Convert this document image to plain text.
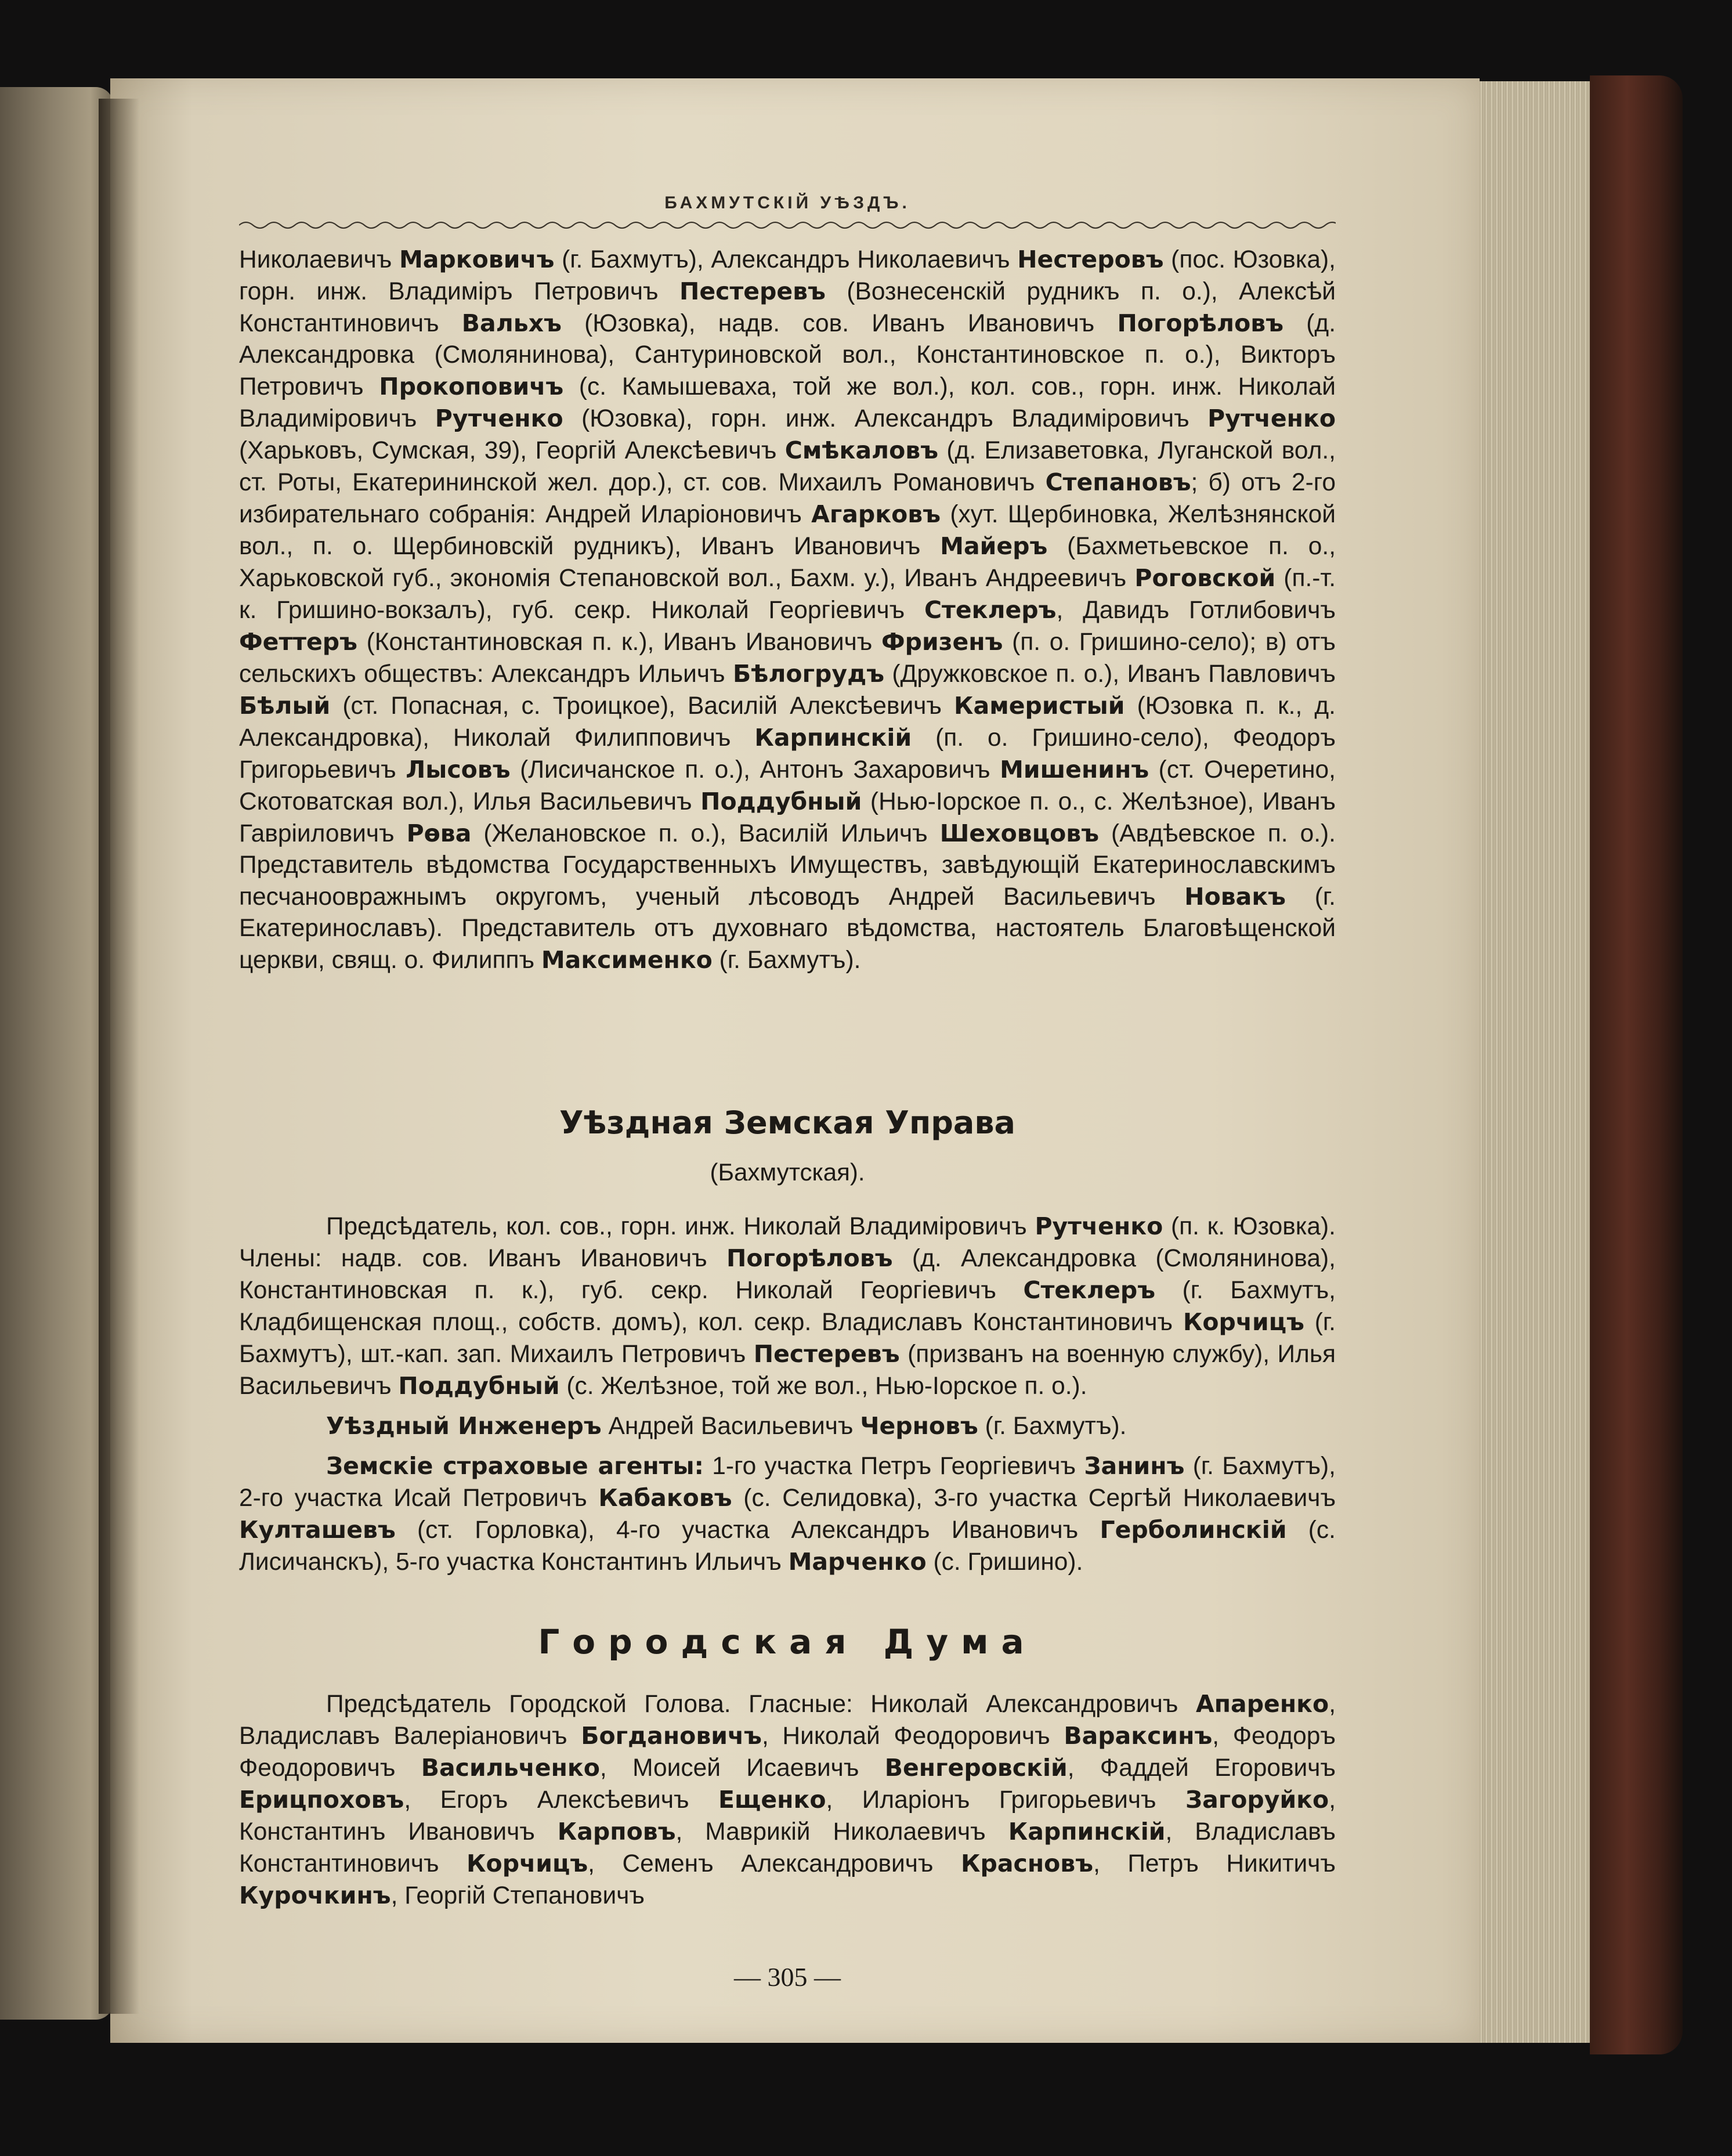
БАХМУТСКIЙ УѢЗДЪ.

Николаевичъ Марковичъ (г. Бахмутъ), Александръ Николаевичъ Нестеровъ (пос. Юзовка), горн. инж. Владимiръ Петровичъ Пестеревъ (Вознесенскiй рудникъ п. о.), Алексѣй Константиновичъ Вальхъ (Юзовка), надв. сов. Иванъ Ивановичъ Погорѣловъ (д. Александровка (Смолянинова), Сантуриновской вол., Константиновское п. о.), Викторъ Петровичъ Прокоповичъ (с. Камышеваха, той же вол.), кол. сов., горн. инж. Николай Владимiровичъ Рутченко (Юзовка), горн. инж. Александръ Владимiровичъ Рутченко (Харьковъ, Сумская, 39), Георгiй Алексѣевичъ Смѣкаловъ (д. Елизаветовка, Луганской вол., ст. Роты, Екатерининской жел. дор.), ст. сов. Михаилъ Романовичъ Степановъ; б) отъ 2-го избирательнаго собранiя: Андрей Иларiоновичъ Агарковъ (хут. Щербиновка, Желѣзнянской вол., п. о. Щербиновскiй рудникъ), Иванъ Ивановичъ Майеръ (Бахметьевское п. о., Харьковской губ., экономiя Степановской вол., Бахм. у.), Иванъ Андреевичъ Роговской (п.-т. к. Гришино-вокзалъ), губ. секр. Николай Георгiевичъ Стеклеръ, Давидъ Готлибовичъ Феттеръ (Константиновская п. к.), Иванъ Ивановичъ Фризенъ (п. о. Гришино-село); в) отъ сельскихъ обществъ: Александръ Ильичъ Бѣлогрудъ (Дружковское п. о.), Иванъ Павловичъ Бѣлый (ст. Попасная, с. Троицкое), Василiй Алексѣевичъ Камеристый (Юзовка п. к., д. Александровка), Николай Филипповичъ Карпинскiй (п. о. Гришино-село), Феодоръ Григорьевичъ Лысовъ (Лисичанское п. о.), Антонъ Захаровичъ Мишенинъ (ст. Очеретино, Скотоватская вол.), Илья Васильевичъ Поддубный (Нью-Iорское п. о., с. Желѣзное), Иванъ Гаврiиловичъ Рѳва (Желановское п. о.), Василiй Ильичъ Шеховцовъ (Авдѣевское п. о.). Представитель вѣдомства Государственныхъ Имуществъ, завѣдующiй Екатеринославскимъ песчанооврaжнымъ округомъ, ученый лѣсоводъ Андрей Васильевичъ Новакъ (г. Екатеринославъ). Представитель отъ духовнаго вѣдомства, настоятель Благовѣщенской церкви, свящ. о. Филиппъ Максименко (г. Бахмутъ).

Уѣздная Земская Управа
(Бахмутская).

Предсѣдатель, кол. сов., горн. инж. Николай Владимiровичъ Рутченко (п. к. Юзовка). Члены: надв. сов. Иванъ Ивановичъ Погорѣловъ (д. Александровка (Смолянинова), Константиновская п. к.), губ. секр. Николай Георгiевичъ Стеклеръ (г. Бахмутъ, Кладбищенская площ., собств. домъ), кол. секр. Владиславъ Константиновичъ Корчицъ (г. Бахмутъ), шт.-кап. зап. Михаилъ Петровичъ Пестеревъ (призванъ на военную службу), Илья Васильевичъ Поддубный (с. Желѣзное, той же вол., Нью-Iорское п. о.).

Уѣздный Инженеръ Андрей Васильевичъ Черновъ (г. Бахмутъ).

Земскiе страховые агенты: 1-го участка Петръ Георгiевичъ Занинъ (г. Бахмутъ), 2-го участка Исай Петровичъ Кабаковъ (с. Селидовка), 3-го участка Сергѣй Николаевичъ Култашевъ (ст. Горловка), 4-го участка Александръ Ивановичъ Герболинскiй (с. Лисичанскъ), 5-го участка Константинъ Ильичъ Марченко (с. Гришино).

Городская Дума

Предсѣдатель Городской Голова. Гласные: Николай Александровичъ Апаренко, Владиславъ Валерiановичъ Богдановичъ, Николай Феодоровичъ Вараксинъ, Феодоръ Феодоровичъ Васильченко, Моисей Исаевичъ Венгеровскiй, Фаддей Егоровичъ Ерицпоховъ, Егоръ Алексѣевичъ Ещенко, Иларiонъ Григорьевичъ Загоруйко, Константинъ Ивановичъ Карповъ, Маврикiй Николаевичъ Карпинскiй, Владиславъ Константиновичъ Корчицъ, Семенъ Александровичъ Красновъ, Петръ Никитичъ Курочкинъ, Георгiй Степановичъ

— 305 —
